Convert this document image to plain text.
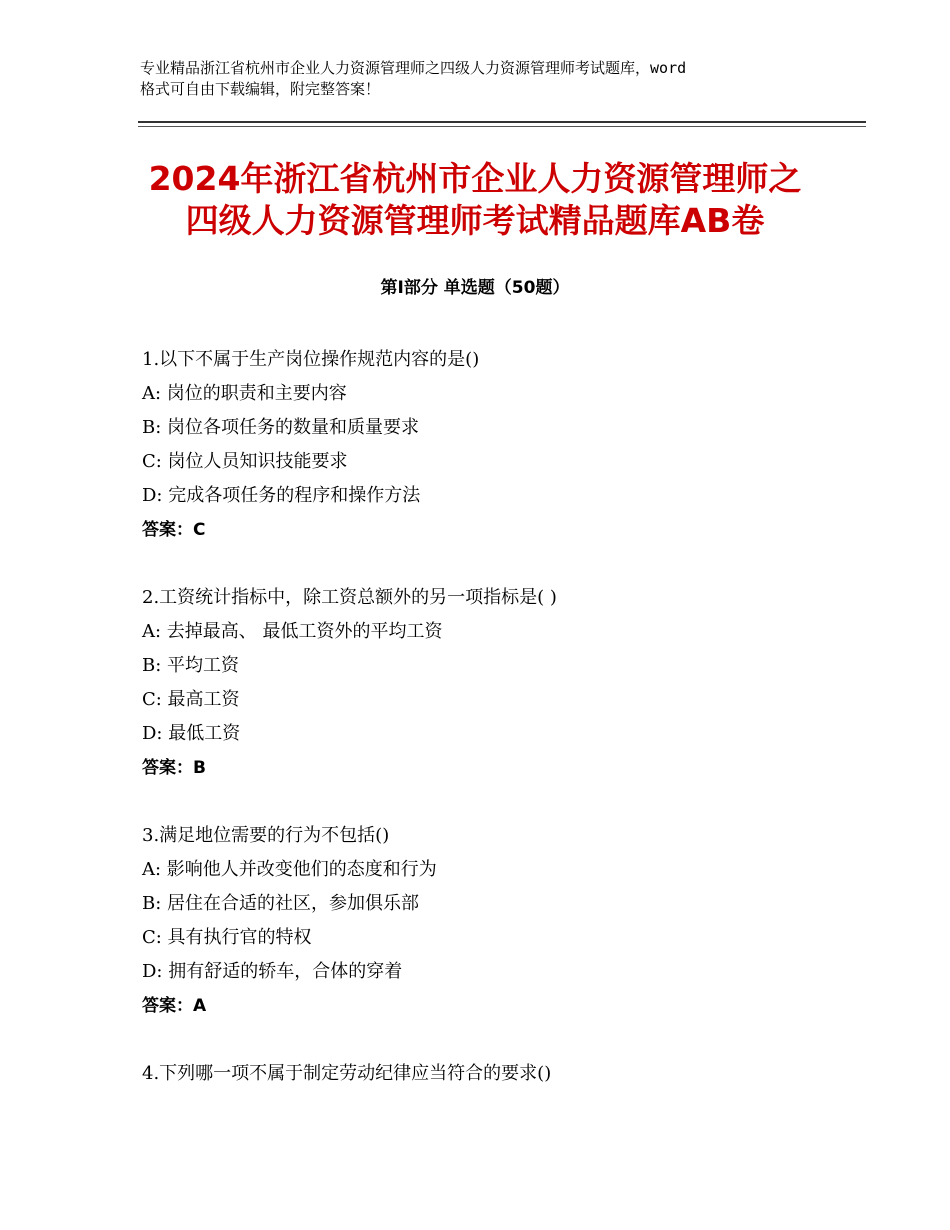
专业精品浙江省杭州市企业人力资源管理师之四级人力资源管理师考试题库，word
格式可自由下载编辑，附完整答案！
2024年浙江省杭州市企业人力资源管理师之
四级人力资源管理师考试精品题库AB卷
第Ⅰ部分 单选题（50题）
1.以下不属于生产岗位操作规范内容的是()
A: 岗位的职责和主要内容
B: 岗位各项任务的数量和质量要求
C: 岗位人员知识技能要求
D: 完成各项任务的程序和操作方法
答案：C
2.工资统计指标中，除工资总额外的另一项指标是( )
A: 去掉最高、 最低工资外的平均工资
B: 平均工资
C: 最高工资
D: 最低工资
答案：B
3.满足地位需要的行为不包括()
A: 影响他人并改变他们的态度和行为
B: 居住在合适的社区，参加俱乐部
C: 具有执行官的特权
D: 拥有舒适的轿车，合体的穿着
答案：A
4.下列哪一项不属于制定劳动纪律应当符合的要求()
